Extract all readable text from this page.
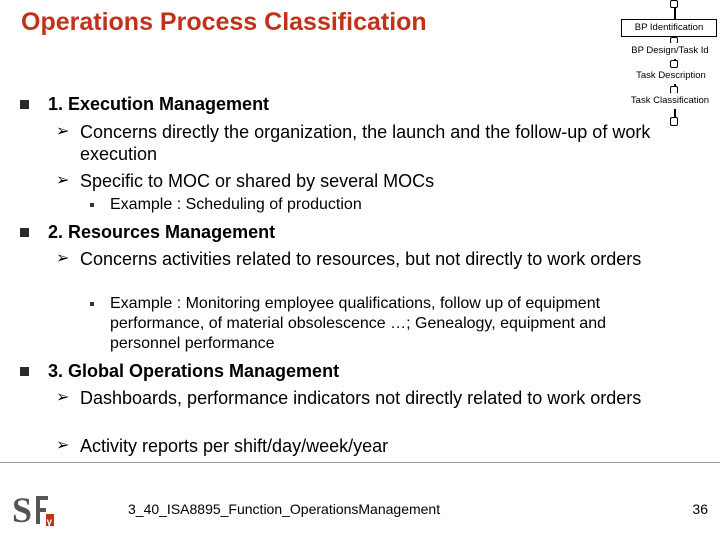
Operations Process Classification	BP Identification
BP Design/Task Id
Task Description
Task Classification
1. Execution Management
➢ Concerns directly the organization, the launch and the follow-up of work execution
➢ Specific to MOC or shared by several MOCs
Example : Scheduling of production
2. Resources Management
➢ Concerns activities related to resources, but not directly to work orders
Example : Monitoring employee qualifications, follow up of equipment performance, of material obsolescence …; Genealogy, equipment and personnel performance
3. Global Operations Management
➢ Dashboards, performance indicators not directly related to work orders
➢ Activity reports per shift/day/week/year
S y
3_40_ISA8895_Function_OperationsManagement	36
